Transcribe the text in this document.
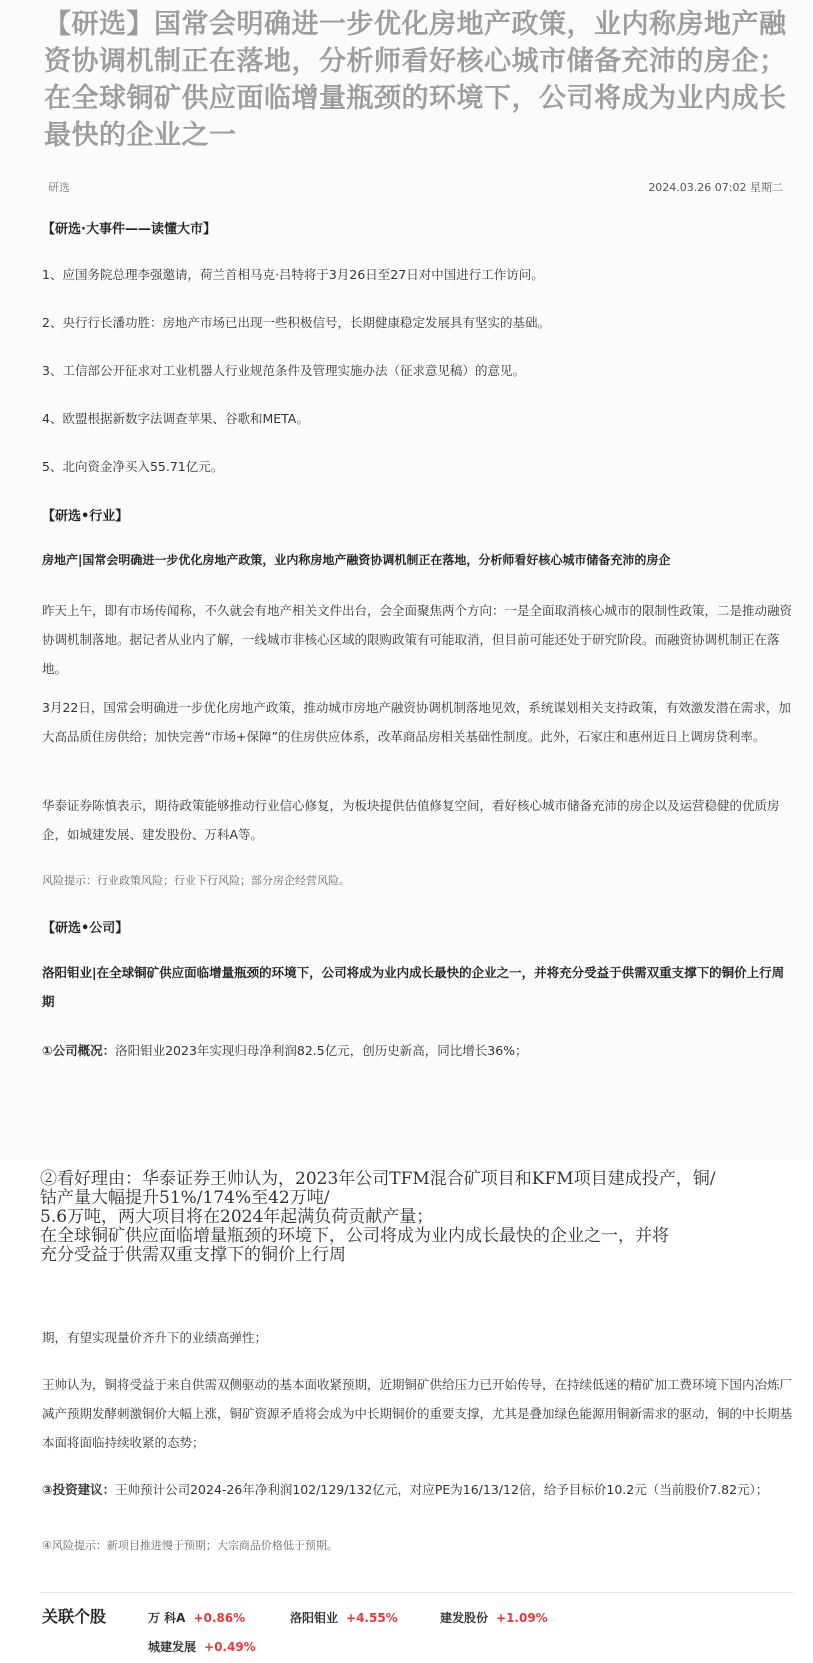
【研选】国常会明确进一步优化房地产政策，业内称房地产融资协调机制正在落地，分析师看好核心城市储备充沛的房企；在全球铜矿供应面临增量瓶颈的环境下，公司将成为业内成长最快的企业之一
研选	2024.03.26 07:02 星期二
【研选·大事件——读懂大市】
1、应国务院总理李强邀请，荷兰首相马克·吕特将于3月26日至27日对中国进行工作访问。
2、央行行长潘功胜：房地产市场已出现一些积极信号，长期健康稳定发展具有坚实的基础。
3、工信部公开征求对工业机器人行业规范条件及管理实施办法（征求意见稿）的意见。
4、欧盟根据新数字法调查苹果、谷歌和META。
5、北向资金净买入55.71亿元。
【研选•行业】
房地产|国常会明确进一步优化房地产政策，业内称房地产融资协调机制正在落地，分析师看好核心城市储备充沛的房企
昨天上午，即有市场传闻称，不久就会有地产相关文件出台，会全面聚焦两个方向：一是全面取消核心城市的限制性政策，二是推动融资协调机制落地。据记者从业内了解，一线城市非核心区域的限购政策有可能取消，但目前可能还处于研究阶段。而融资协调机制正在落地。
3月22日，国常会明确进一步优化房地产政策，推动城市房地产融资协调机制落地见效，系统谋划相关支持政策，有效激发潜在需求，加大高品质住房供给；加快完善“市场+保障”的住房供应体系，改革商品房相关基础性制度。此外，石家庄和惠州近日上调房贷利率。
华泰证券陈慎表示，期待政策能够推动行业信心修复，为板块提供估值修复空间，看好核心城市储备充沛的房企以及运营稳健的优质房企，如城建发展、建发股份、万科A等。
风险提示：行业政策风险；行业下行风险；部分房企经营风险。
【研选•公司】
洛阳钼业|在全球铜矿供应面临增量瓶颈的环境下，公司将成为业内成长最快的企业之一，并将充分受益于供需双重支撑下的铜价上行周期
①公司概况：洛阳钼业2023年实现归母净利润82.5亿元，创历史新高，同比增长36%；
②看好理由：华泰证券王帅认为，2023年公司TFM混合矿项目和KFM项目建成投产，铜/
钴产量大幅提升51%/174%至42万吨/
5.6万吨，两大项目将在2024年起满负荷贡献产量；
在全球铜矿供应面临增量瓶颈的环境下，公司将成为业内成长最快的企业之一，并将
充分受益于供需双重支撑下的铜价上行周
期，有望实现量价齐升下的业绩高弹性；
王帅认为，铜将受益于来自供需双侧驱动的基本面收紧预期，近期铜矿供给压力已开始传导，在持续低迷的精矿加工费环境下国内冶炼厂减产预期发酵刺激铜价大幅上涨，铜矿资源矛盾将会成为中长期铜价的重要支撑，尤其是叠加绿色能源用铜新需求的驱动，铜的中长期基本面将面临持续收紧的态势；
③投资建议：王帅预计公司2024-26年净利润102/129/132亿元，对应PE为16/13/12倍，给予目标价10.2元（当前股价7.82元）；
④风险提示：新项目推进慢于预期；大宗商品价格低于预期。
关联个股	万 科A +0.86%	洛阳钼业 +4.55%	建发股份 +1.09%
城建发展 +0.49%
